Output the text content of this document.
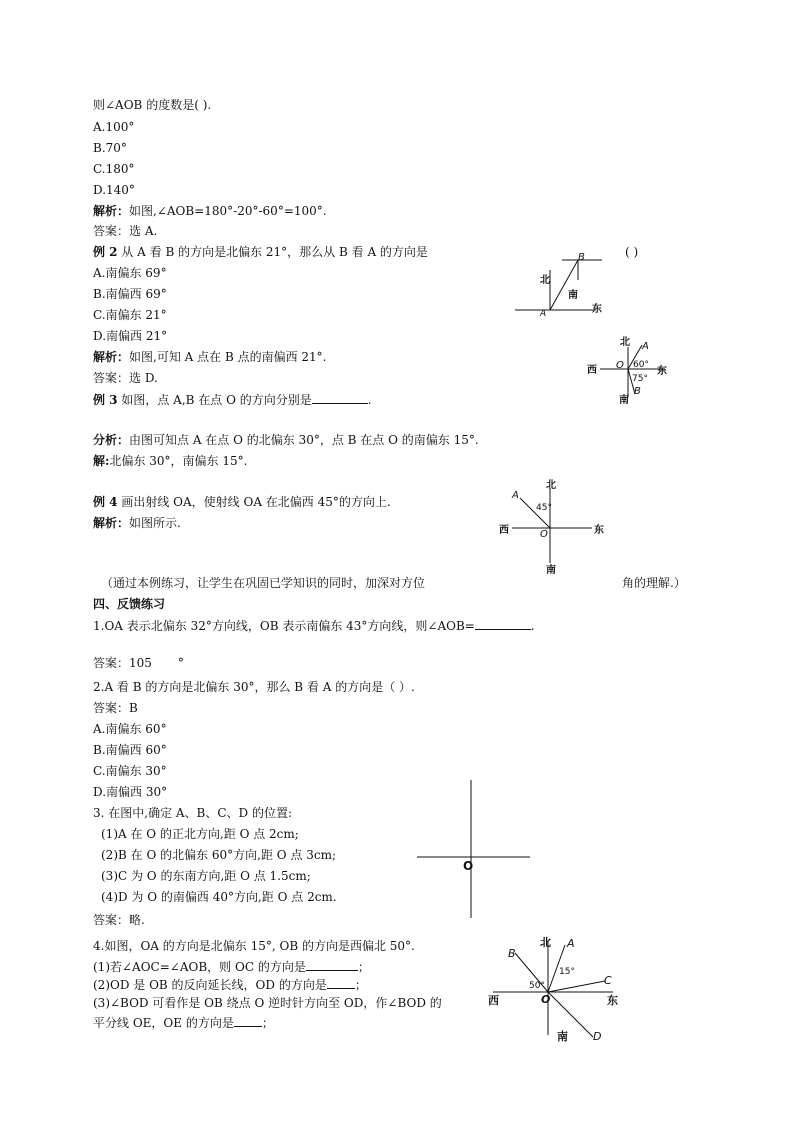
则∠AOB 的度数是( ).
A.100°
B.70°
C.180°
D.140°
解析：如图,∠AOB=180°-20°-60°=100°.
答案：选 A.
例 2 从 A 看 B 的方向是北偏东 21°，那么从 B 看 A 的方向是	( )
A.南偏东 69°
B.南偏西 69°
C.南偏东 21°
D.南偏西 21°
解析：如图,可知 A 点在 B 点的南偏西 21°.
答案：选 D.
B
北
南
A	东
例 3 如图，点 A,B 在点 O 的方向分别是	.
北 A
西 O 60°
东
75°
B
南
分析：由图可知点 A 在点 O 的北偏东 30°，点 B 在点 O 的南偏东 15°.
解:北偏东 30°，南偏东 15°.
例 4 画出射线 OA，使射线 OA 在北偏西 45°的方向上.
解析：如图所示.
北
A
45°
西	O	东
南
（通过本例练习，让学生在巩固已学知识的同时，加深对方位	角的理解.）
四、反馈练习
1.OA 表示北偏东 32°方向线，OB 表示南偏东 43°方向线，则∠AOB=	.
答案：105 °
2.A 看 B 的方向是北偏东 30°，那么 B 看 A 的方向是（ ）.
答案：B
A.南偏东 60°
B.南偏西 60°
C.南偏东 30°
D.南偏西 30°
3. 在图中,确定 A、B、C、D 的位置:
(1)A 在 O 的正北方向,距 O 点 2cm;
(2)B 在 O 的北偏东 60°方向,距 O 点 3cm;
(3)C 为 O 的东南方向,距 O 点 1.5cm;
(4)D 为 O 的南偏西 40°方向,距 O 点 2cm.
答案：略.
O
4.如图，OA 的方向是北偏东 15°, OB 的方向是西偏北 50°.
(1)若∠AOC=∠AOB，则 OC 的方向是	；
(2)OD 是 OB 的反向延长线，OD 的方向是 ；
(3)∠BOD 可看作是 OB 绕点 O 逆时针方向至 OD，作∠BOD 的
平分线 OE，OE 的方向是 ；
B
北 A
15°
C
50°
西	O	东
南 D
